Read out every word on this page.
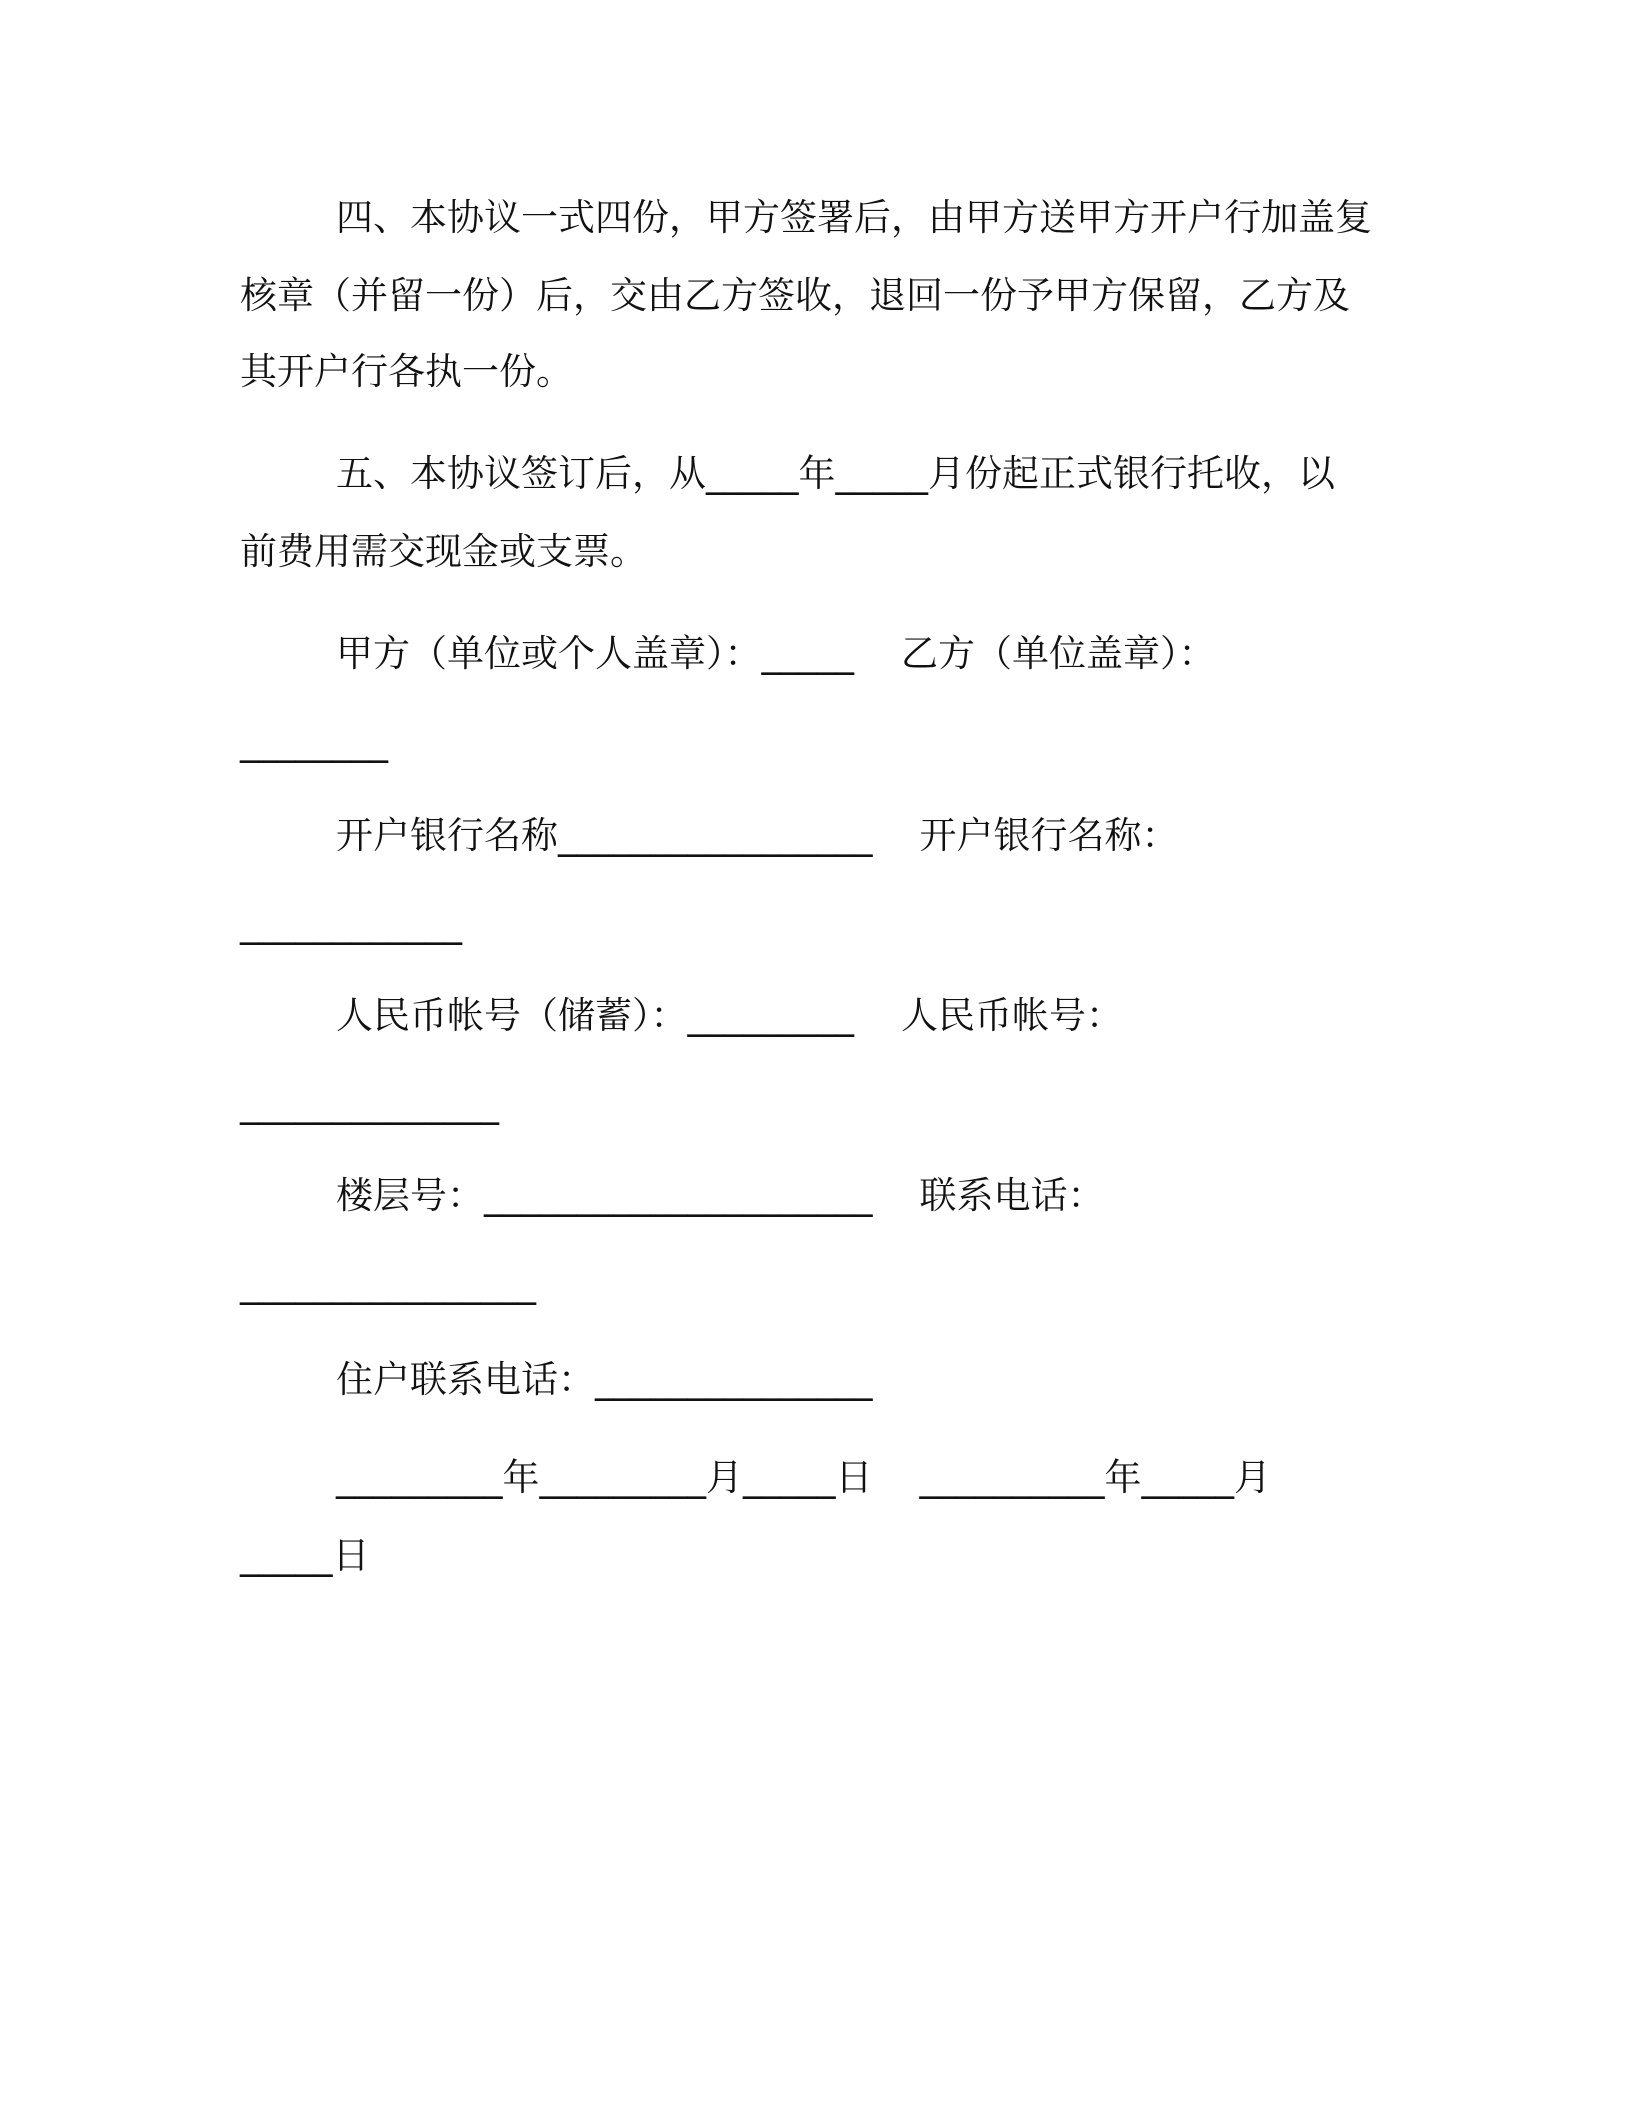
四、本协议一式四份，甲方签署后，由甲方送甲方开户行加盖复
核章（并留一份）后，交由乙方签收，退回一份予甲方保留，乙方及
其开户行各执一份。
五、本协议签订后，从_____年_____月份起正式银行托收，以
前费用需交现金或支票。
甲方（单位或个人盖章）：_____    乙方（单位盖章）：
________
开户银行名称_________________    开户银行名称：
____________
人民币帐号（储蓄）：_________    人民币帐号：
______________
楼层号：_____________________    联系电话：
________________
住户联系电话：_______________
_________年_________月_____日    __________年_____月
_____日
